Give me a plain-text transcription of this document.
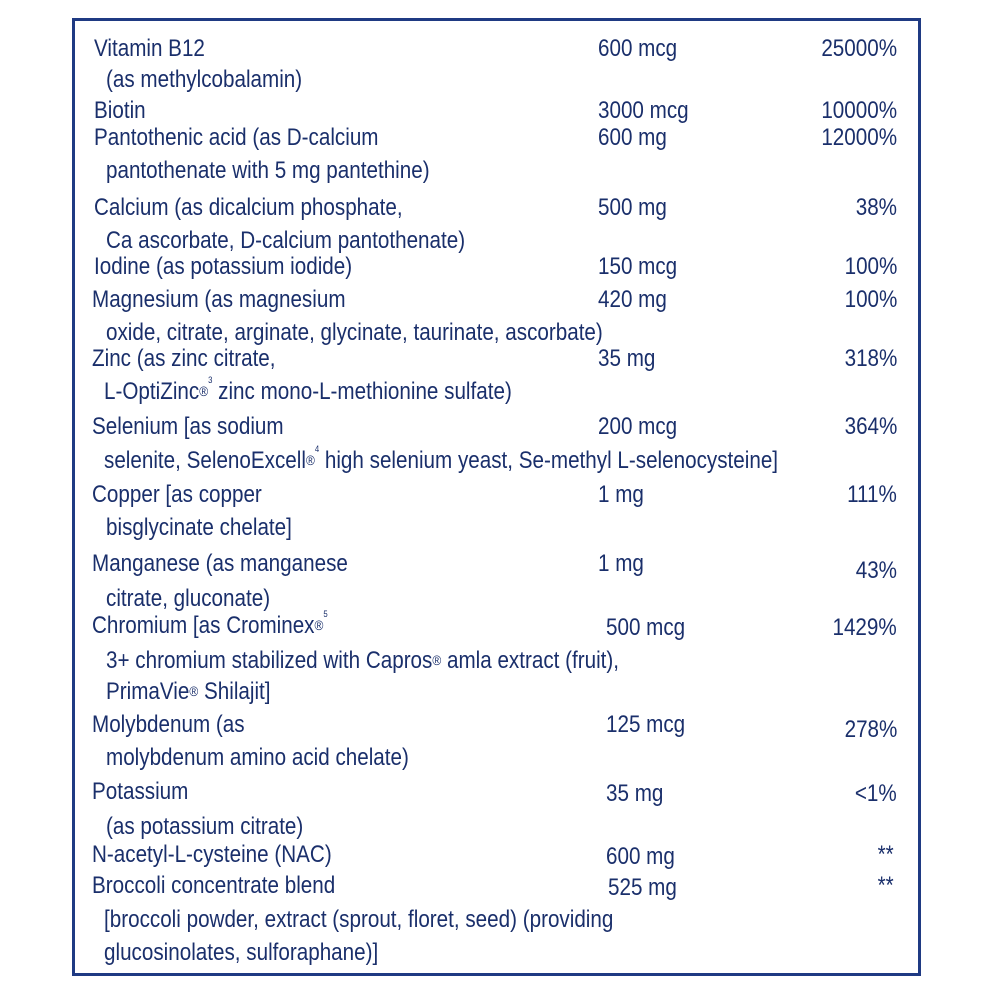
Vitamin B12	600 mcg	25000%
(as methylcobalamin)
Biotin	3000 mcg	10000%
Pantothenic acid (as D-calcium	600 mg	12000%
pantothenate with 5 mg pantethine)
Calcium (as dicalcium phosphate,	500 mg	38%
Ca ascorbate, D-calcium pantothenate)
Iodine (as potassium iodide)	150 mcg	100%
Magnesium (as magnesium	420 mg	100%
oxide, citrate, arginate, glycinate, taurinate, ascorbate)
Zinc (as zinc citrate,	35 mg	318%
L-OptiZinc$^{®3}$ zinc mono-L-methionine sulfate)
Selenium [as sodium	200 mcg	364%
selenite, SelenoExcell$^{®4}$ high selenium yeast, Se-methyl L-selenocysteine]
Copper [as copper	1 mg	111%
bisglycinate chelate]
Manganese (as manganese	1 mg	43%
citrate, gluconate)
Chromium [as Crominex$^{®5}$	500 mcg	1429%
3+ chromium stabilized with Capros® amla extract (fruit),
PrimaVie® Shilajit]
Molybdenum (as	125 mcg	278%
molybdenum amino acid chelate)
Potassium	35 mg	<1%
(as potassium citrate)
N-acetyl-L-cysteine (NAC)	600 mg	**
Broccoli concentrate blend	525 mg	**
[broccoli powder, extract (sprout, floret, seed) (providing
glucosinolates, sulforaphane)]
